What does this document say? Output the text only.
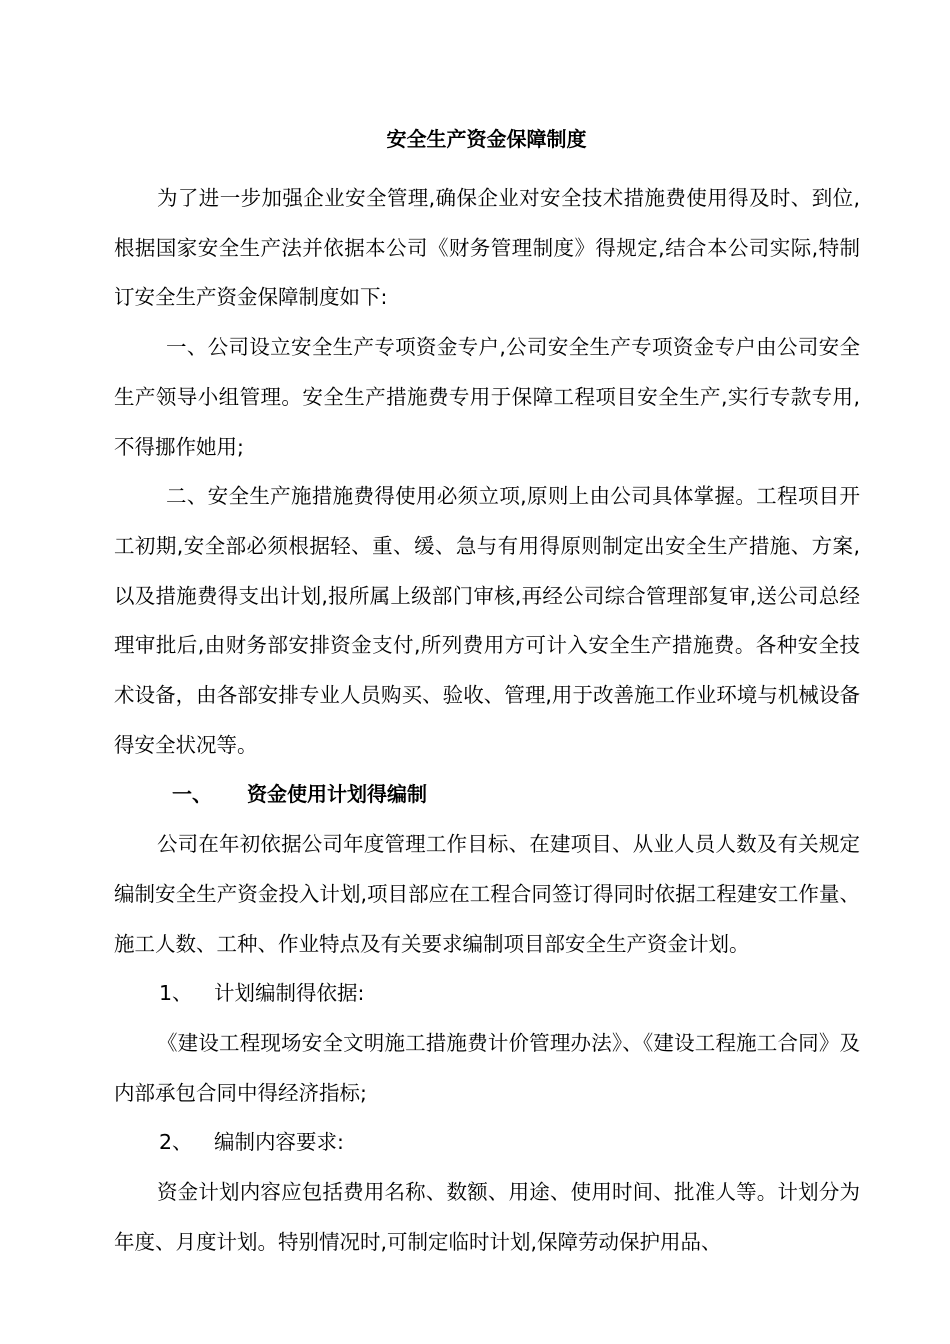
安全生产资金保障制度

为了进一步加强企业安全管理,确保企业对安全技术措施费使用得及时、到位,根据国家安全生产法并依据本公司《财务管理制度》得规定,结合本公司实际,特制订安全生产资金保障制度如下:

一、公司设立安全生产专项资金专户,公司安全生产专项资金专户由公司安全生产领导小组管理。安全生产措施费专用于保障工程项目安全生产,实行专款专用,不得挪作她用;

二、安全生产施措施费得使用必须立项,原则上由公司具体掌握。工程项目开工初期,安全部必须根据轻、重、缓、急与有用得原则制定出安全生产措施、方案,以及措施费得支出计划,报所属上级部门审核,再经公司综合管理部复审,送公司总经理审批后,由财务部安排资金支付,所列费用方可计入安全生产措施费。各种安全技术设备，由各部安排专业人员购买、验收、管理,用于改善施工作业环境与机械设备得安全状况等。

一、 资金使用计划得编制

公司在年初依据公司年度管理工作目标、在建项目、从业人员人数及有关规定编制安全生产资金投入计划,项目部应在工程合同签订得同时依据工程建安工作量、施工人数、工种、作业特点及有关要求编制项目部安全生产资金计划。

1、 计划编制得依据:

《建设工程现场安全文明施工措施费计价管理办法》、《建设工程施工合同》及内部承包合同中得经济指标;

2、 编制内容要求:

资金计划内容应包括费用名称、数额、用途、使用时间、批准人等。计划分为年度、月度计划。特别情况时,可制定临时计划,保障劳动保护用品、
